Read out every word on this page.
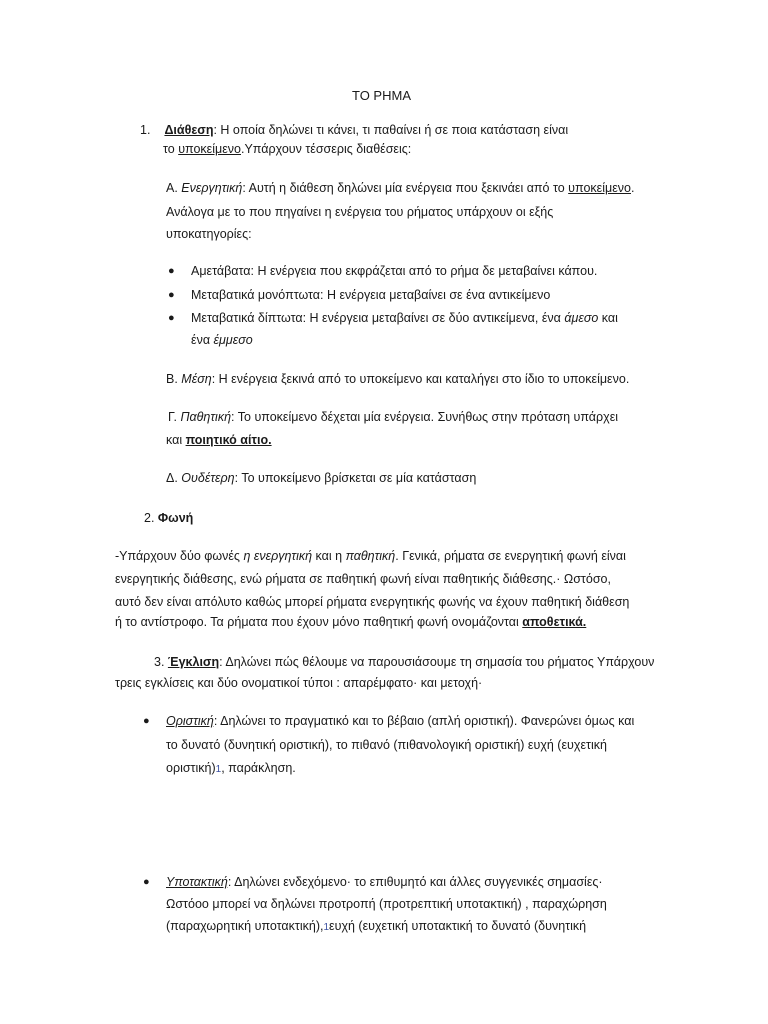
ΤΟ ΡΗΜΑ
1. Διάθεση: Η οποία δηλώνει τι κάνει, τι παθαίνει ή σε ποια κατάσταση είναι
το υποκείμενο.Υπάρχουν τέσσερις διαθέσεις:
Α. Ενεργητική: Αυτή η διάθεση δηλώνει μία ενέργεια που ξεκινάει από το υποκείμενο.
Ανάλογα με το που πηγαίνει η ενέργεια του ρήματος υπάρχουν οι εξής
υποκατηγορίες:
● Αμετάβατα: Η ενέργεια που εκφράζεται από το ρήμα δε μεταβαίνει κάπου.
● Μεταβατικά μονόπτωτα: Η ενέργεια μεταβαίνει σε ένα αντικείμενο
● Μεταβατικά δίπτωτα: Η ενέργεια μεταβαίνει σε δύο αντικείμενα, ένα άμεσο και
ένα έμμεσο
Β. Μέση: Η ενέργεια ξεκινά από το υποκείμενο και καταλήγει στο ίδιο το υποκείμενο.
Γ. Παθητική: Το υποκείμενο δέχεται μία ενέργεια. Συνήθως στην πρόταση υπάρχει
και ποιητικό αίτιο.
Δ. Ουδέτερη: Το υποκείμενο βρίσκεται σε μία κατάσταση
2. Φωνή
-Υπάρχουν δύο φωνές η ενεργητική και η παθητική. Γενικά, ρήματα σε ενεργητική φωνή είναι
ενεργητικής διάθεσης, ενώ ρήματα σε παθητική φωνή είναι παθητικής διάθεσης.· Ωστόσο,
αυτό δεν είναι απόλυτο καθώς μπορεί ρήματα ενεργητικής φωνής να έχουν παθητική διάθεση
ή το αντίστροφο. Τα ρήματα που έχουν μόνο παθητική φωνή ονομάζονται αποθετικά.
3. Έγκλιση: Δηλώνει πώς θέλουμε να παρουσιάσουμε τη σημασία του ρήματος Υπάρχουν
τρεις εγκλίσεις και δύο ονοματικοί τύποι : απαρέμφατο· και μετοχή·
● Οριστική: Δηλώνει το πραγματικό και το βέβαιο (απλή οριστική). Φανερώνει όμως και
το δυνατό (δυνητική οριστική), το πιθανό (πιθανολογική οριστική) ευχή (ευχετική
οριστική)1, παράκληση.
● Υποτακτική: Δηλώνει ενδεχόμενο· το επιθυμητό και άλλες συγγενικές σημασίες·
Ωστόοο μπορεί να δηλώνει προτροπή (προτρεπτική υποτακτική) , παραχώρηση
(παραχωρητική υποτακτική),1ευχή (ευχετική υποτακτική το δυνατό (δυνητική
